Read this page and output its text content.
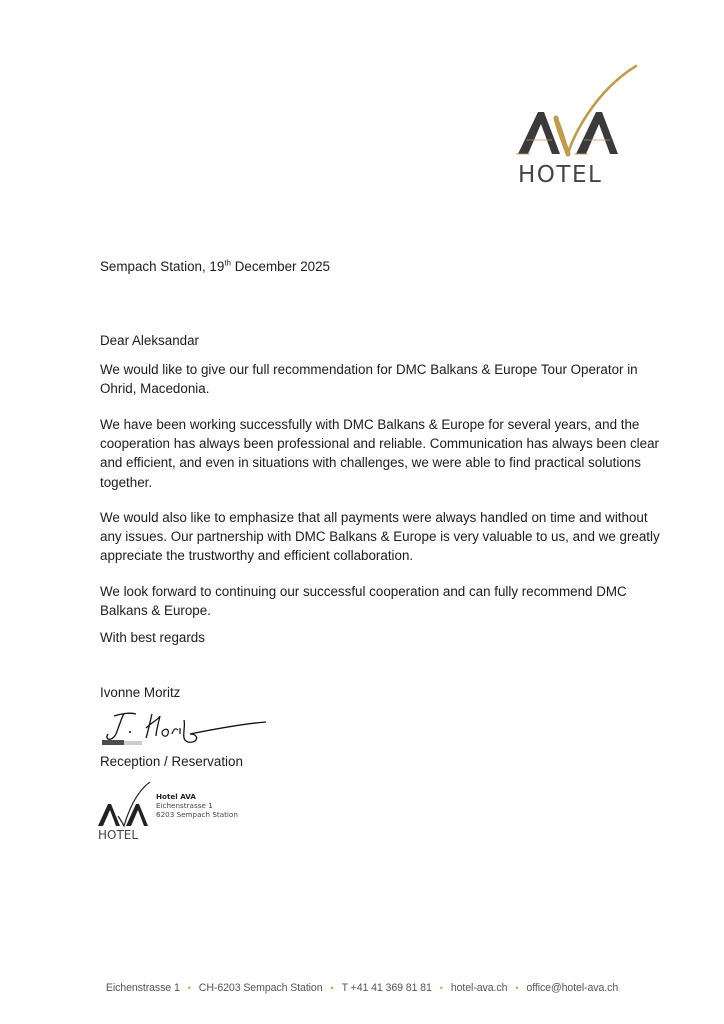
HOTEL
Sempach Station, 19th December 2025
Dear Aleksandar
We would like to give our full recommendation for DMC Balkans & Europe Tour Operator in Ohrid, Macedonia.
We have been working successfully with DMC Balkans & Europe for several years, and the cooperation has always been professional and reliable. Communication has always been clear and efficient, and even in situations with challenges, we were able to find practical solutions together.
We would also like to emphasize that all payments were always handled on time and without any issues. Our partnership with DMC Balkans & Europe is very valuable to us, and we greatly appreciate the trustworthy and efficient collaboration.
We look forward to continuing our successful cooperation and can fully recommend DMC Balkans & Europe.
With best regards
Ivonne Moritz
Reception / Reservation
HOTEL
Hotel AVA
Eichenstrasse 1
6203 Sempach Station
Eichenstrasse 1 • CH-6203 Sempach Station • T +41 41 369 81 81 • hotel-ava.ch • office@hotel-ava.ch
